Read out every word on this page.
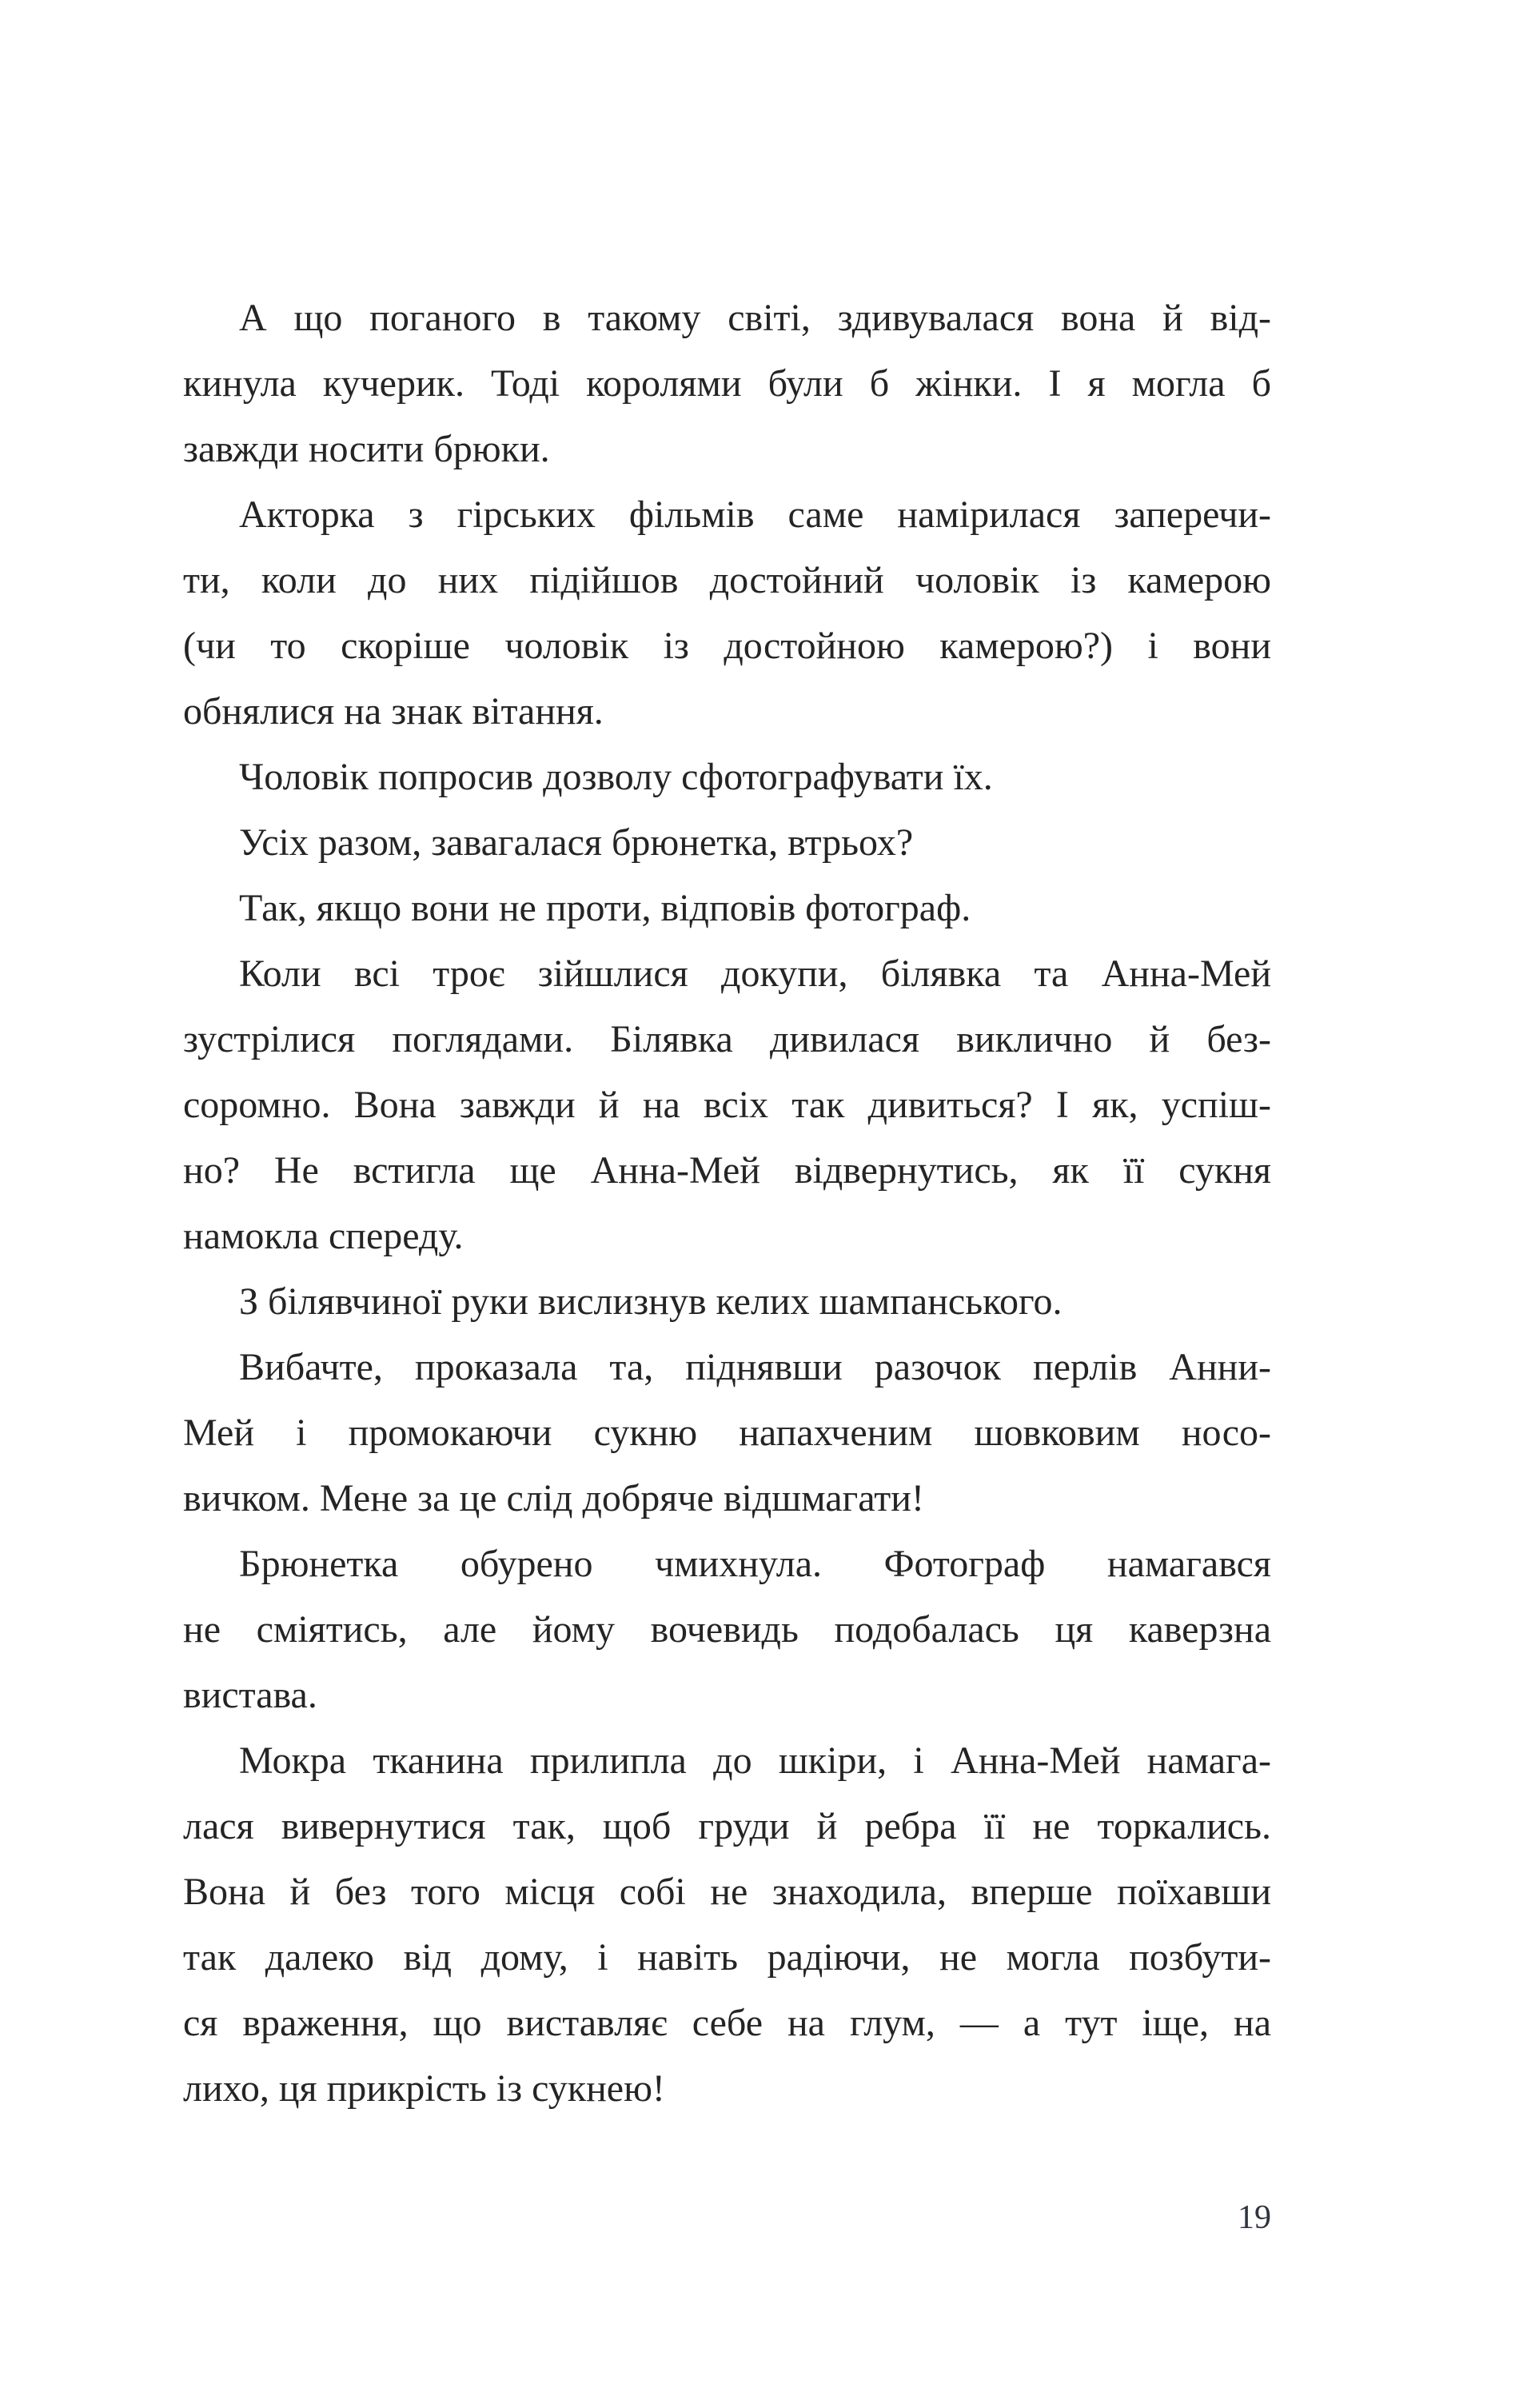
А що поганого в такому світі, здивувалася вона й від-
кинула кучерик. Тоді королями були б жінки. І я могла б
завжди носити брюки.
Акторка з гірських фільмів саме намірилася заперечи-
ти, коли до них підійшов достойний чоловік із камерою
(чи то скоріше чоловік із достойною камерою?) і вони
обнялися на знак вітання.
Чоловік попросив дозволу сфотографувати їх.
Усіх разом, завагалася брюнетка, втрьох?
Так, якщо вони не проти, відповів фотограф.
Коли всі троє зійшлися докупи, білявка та Анна-Мей
зустрілися поглядами. Білявка дивилася виклично й без-
соромно. Вона завжди й на всіх так дивиться? І як, успіш-
но? Не встигла ще Анна-Мей відвернутись, як її сукня
намокла спереду.
З білявчиної руки вислизнув келих шампанського.
Вибачте, проказала та, піднявши разочок перлів Анни-
Мей і промокаючи сукню напахченим шовковим носо-
вичком. Мене за це слід добряче відшмагати!
Брюнетка обурено чмихнула. Фотограф намагався
не сміятись, але йому вочевидь подобалась ця каверзна
вистава.
Мокра тканина прилипла до шкіри, і Анна-Мей намага-
лася вивернутися так, щоб груди й ребра її не торкались.
Вона й без того місця собі не знаходила, вперше поїхавши
так далеко від дому, і навіть радіючи, не могла позбути-
ся враження, що виставляє себе на глум, — а тут іще, на
лихо, ця прикрість із сукнею!
19
